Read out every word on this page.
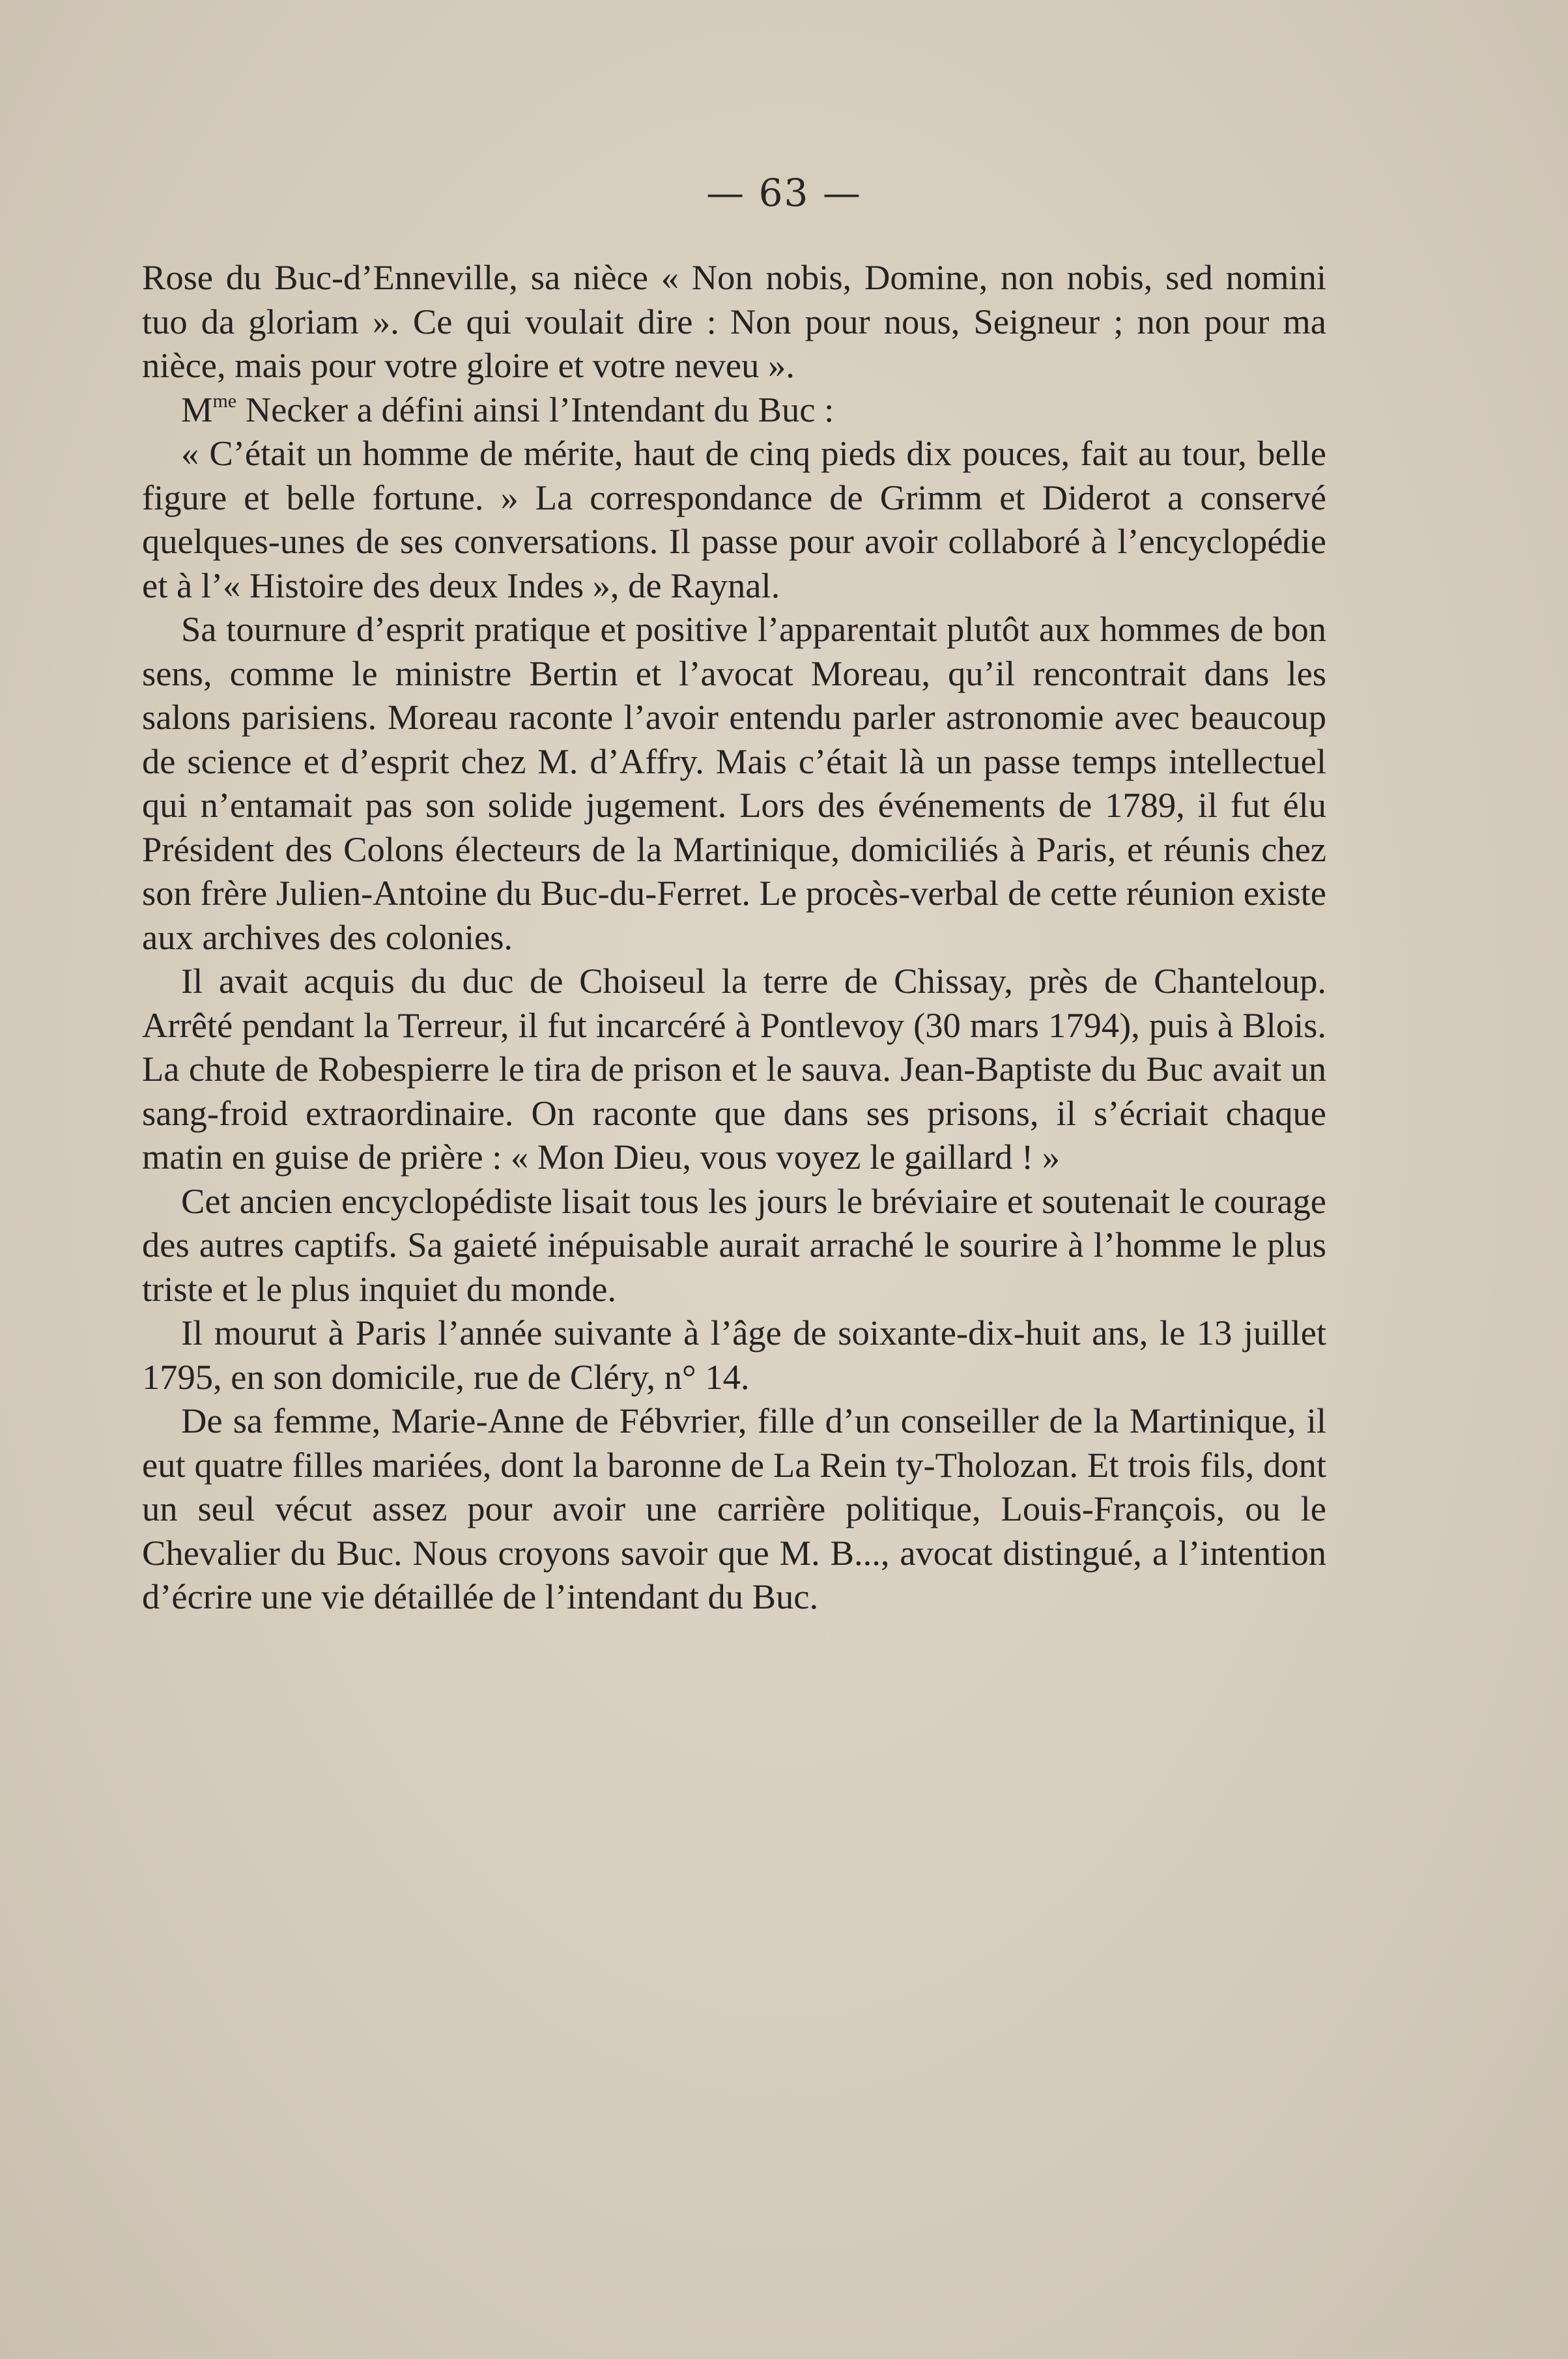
— 63 —

Rose du Buc-d’Enneville, sa nièce « Non nobis, Domine, non nobis, sed nomini tuo da gloriam ». Ce qui voulait dire : Non pour nous, Seigneur ; non pour ma nièce, mais pour votre gloire et votre neveu ».

$M^{me}$ Necker a défini ainsi l’Intendant du Buc :

« C’était un homme de mérite, haut de cinq pieds dix pouces, fait au tour, belle figure et belle fortune. » La correspondance de Grimm et Diderot a conservé quelques-unes de ses conversations. Il passe pour avoir collaboré à l’encyclopédie et à l’« Histoire des deux Indes », de Raynal.

Sa tournure d’esprit pratique et positive l’apparentait plutôt aux hommes de bon sens, comme le ministre Bertin et l’avocat Moreau, qu’il rencontrait dans les salons parisiens. Moreau raconte l’avoir entendu parler astronomie avec beaucoup de science et d’esprit chez M. d’Affry. Mais c’était là un passe temps intellectuel qui n’entamait pas son solide jugement. Lors des événements de 1789, il fut élu Président des Colons électeurs de la Martinique, domiciliés à Paris, et réunis chez son frère Julien-Antoine du Buc-du-Ferret. Le procès-verbal de cette réunion existe aux archives des colonies.

Il avait acquis du duc de Choiseul la terre de Chissay, près de Chanteloup. Arrêté pendant la Terreur, il fut incarcéré à Pontlevoy (30 mars 1794), puis à Blois. La chute de Robespierre le tira de prison et le sauva. Jean-Baptiste du Buc avait un sang-froid extraordinaire. On raconte que dans ses prisons, il s’écriait chaque matin en guise de prière : « Mon Dieu, vous voyez le gaillard ! »

Cet ancien encyclopédiste lisait tous les jours le bréviaire et soutenait le courage des autres captifs. Sa gaieté inépuisable aurait arraché le sourire à l’homme le plus triste et le plus inquiet du monde.

Il mourut à Paris l’année suivante à l’âge de soixante-dix-huit ans, le 13 juillet 1795, en son domicile, rue de Cléry, n° 14.

De sa femme, Marie-Anne de Fébvrier, fille d’un conseiller de la Martinique, il eut quatre filles mariées, dont la baronne de La Rein ty-Tholozan. Et trois fils, dont un seul vécut assez pour avoir une carrière politique, Louis-François, ou le Chevalier du Buc. Nous croyons savoir que M. B..., avocat distingué, a l’intention d’écrire une vie détaillée de l’intendant du Buc.
